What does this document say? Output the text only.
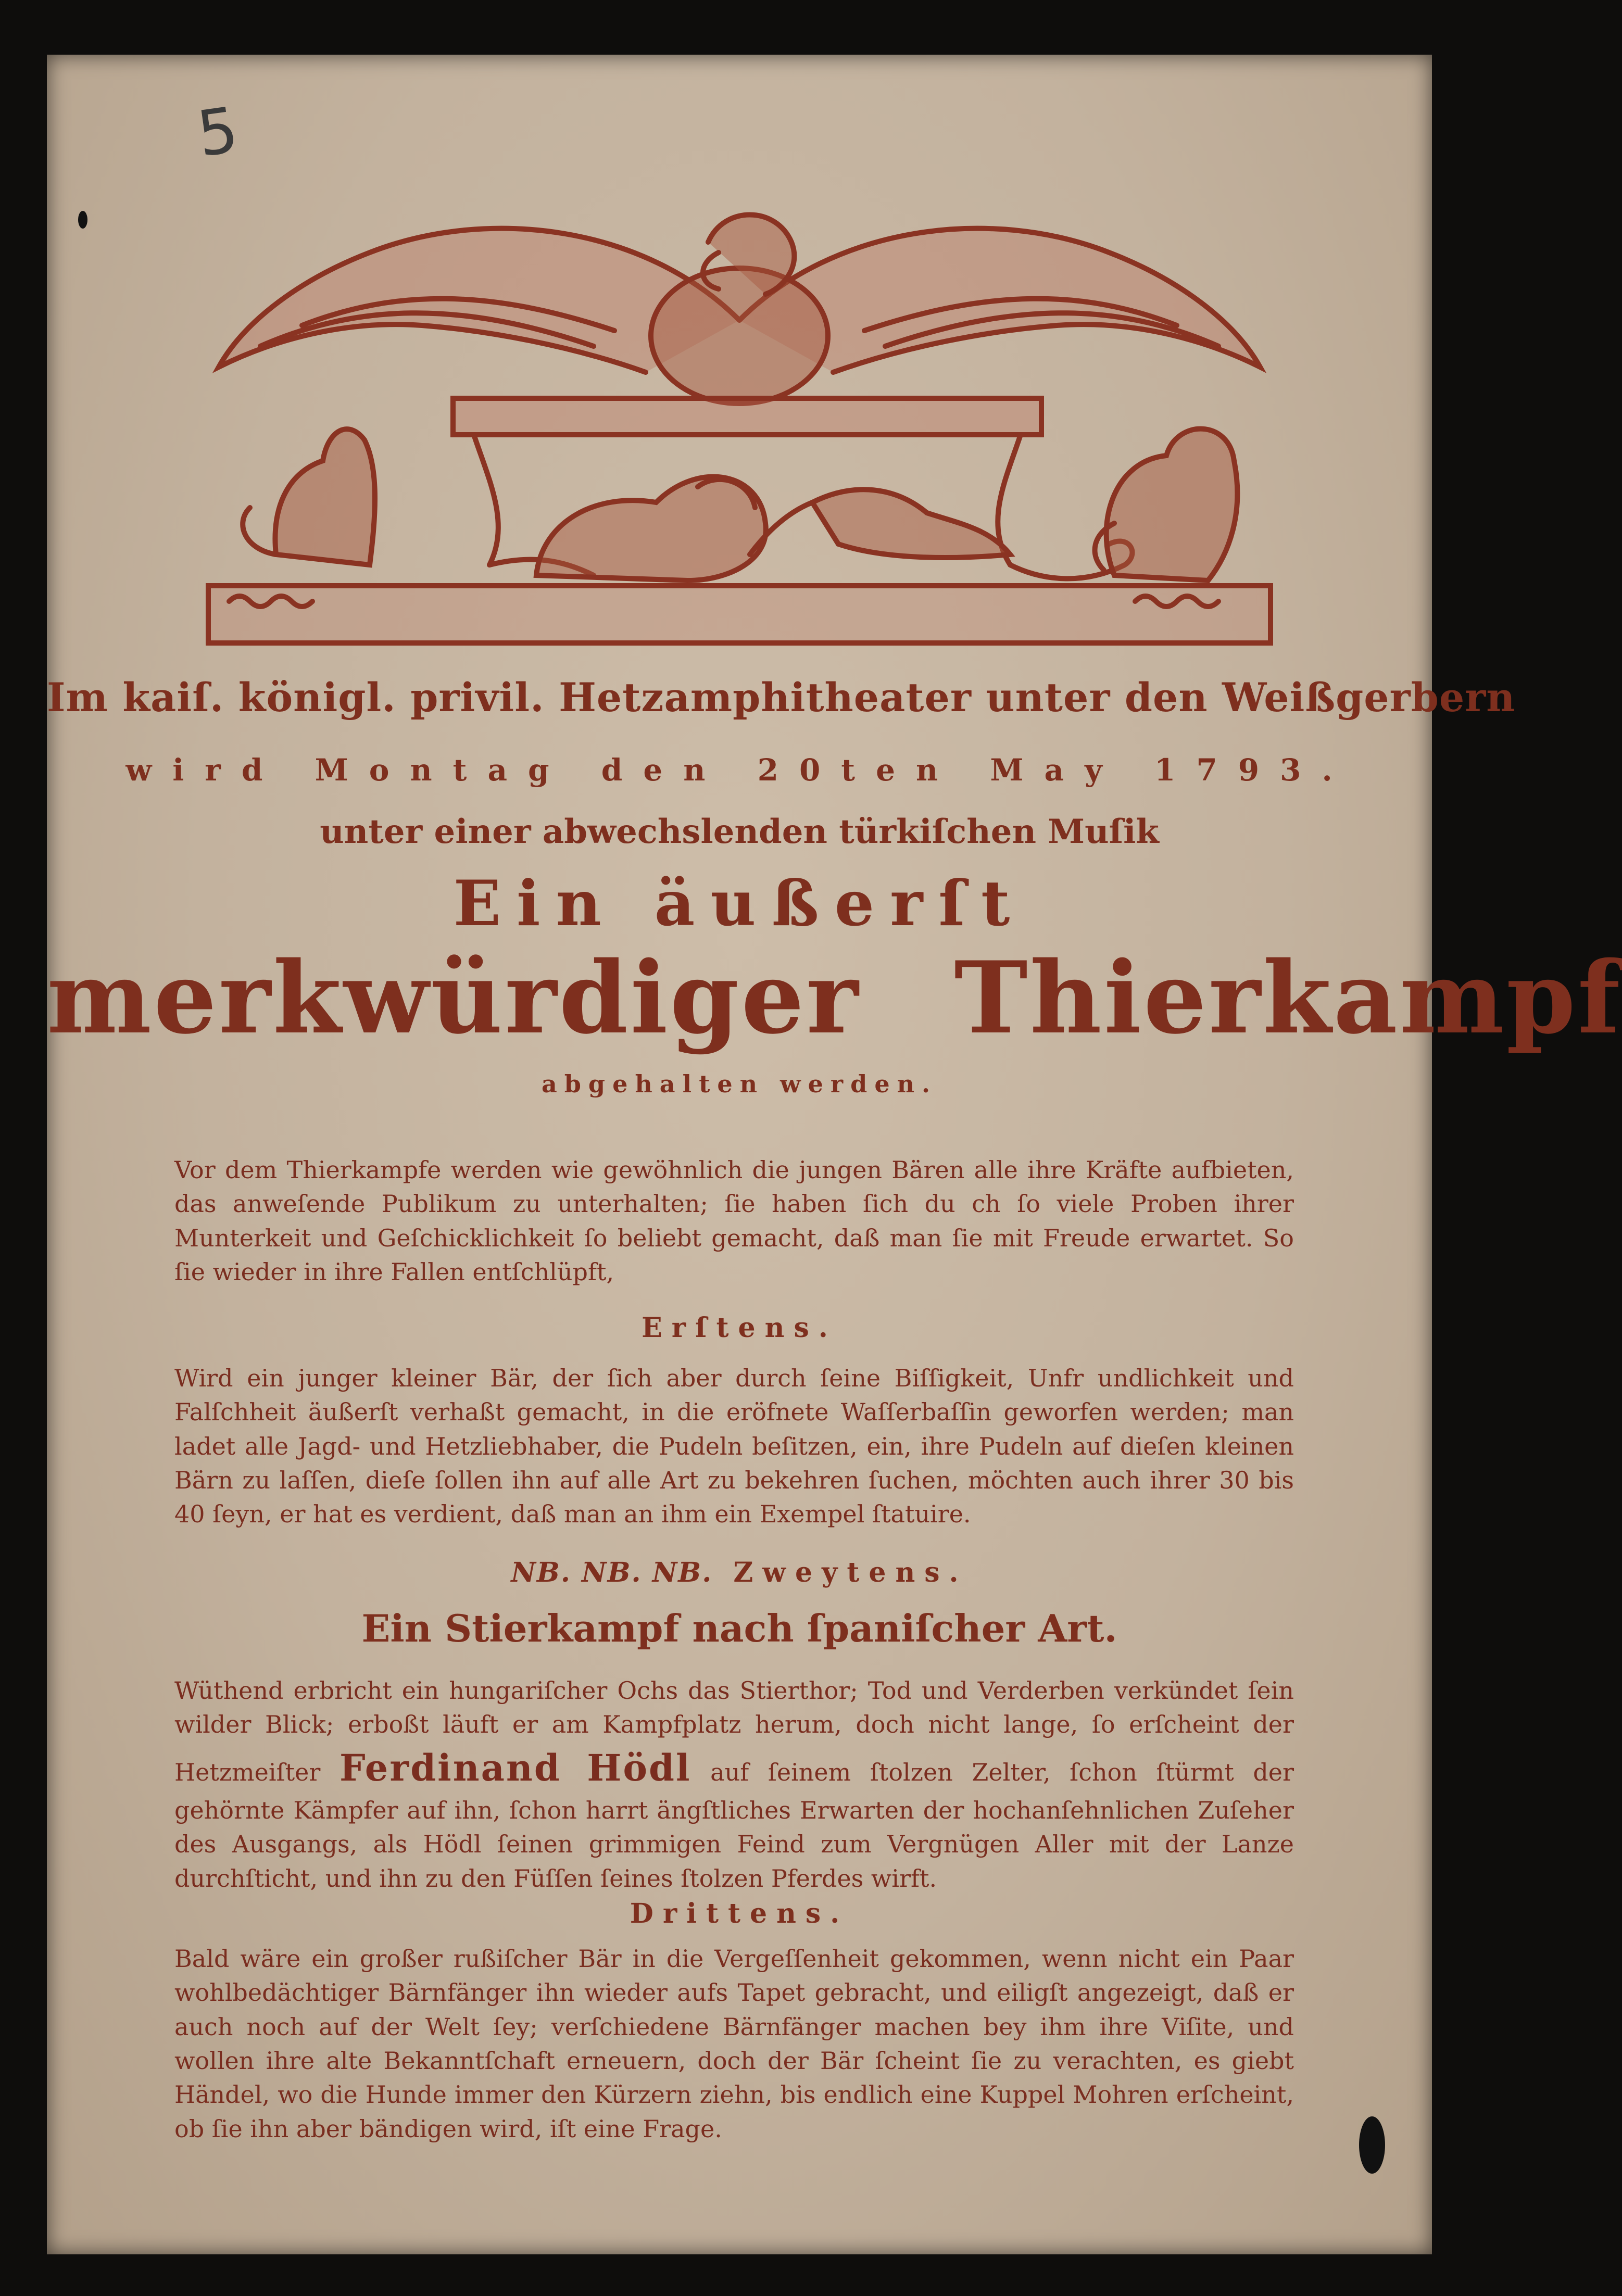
5
Im kaiſ. königl. privil. Hetzamphitheater unter den Weißgerbern
wird Montag den 20ten May 1793.
unter einer abwechslenden türkiſchen Muſik
Ein äußerſt
merkwürdiger Thierkampf
abgehalten werden.
Vor dem Thierkampfe werden wie gewöhnlich die jungen Bären alle ihre Kräfte aufbieten, das anweſende Publikum zu unterhalten; ſie haben ſich du ch ſo viele Proben ihrer Munterkeit und Geſchicklichkeit ſo beliebt gemacht, daß man ſie mit Freude erwartet. So ſie wieder in ihre Fallen entſchlüpft,
Erſtens.
Wird ein junger kleiner Bär, der ſich aber durch ſeine Biſſigkeit, Unfr undlichkeit und Falſchheit äußerſt verhaßt gemacht, in die eröfnete Waſſerbaſſin geworfen werden; man ladet alle Jagd- und Hetzliebhaber, die Pudeln beſitzen, ein, ihre Pudeln auf dieſen kleinen Bärn zu laſſen, dieſe ſollen ihn auf alle Art zu bekehren ſuchen, möchten auch ihrer 30 bis 40 ſeyn, er hat es verdient, daß man an ihm ein Exempel ſtatuire.
NB. NB. NB. Zweytens.
Ein Stierkampf nach ſpaniſcher Art.
Wüthend erbricht ein hungariſcher Ochs das Stierthor; Tod und Verderben verkündet ſein wilder Blick; erboßt läuft er am Kampfplatz herum, doch nicht lange, ſo erſcheint der Hetzmeiſter Ferdinand Hödl auf ſeinem ſtolzen Zelter, ſchon ſtürmt der gehörnte Kämpfer auf ihn, ſchon harrt ängſtliches Erwarten der hochanſehnlichen Zuſeher des Ausgangs, als Hödl ſeinen grimmigen Feind zum Vergnügen Aller mit der Lanze durchſticht, und ihn zu den Füſſen ſeines ſtolzen Pferdes wirft.
Drittens.
Bald wäre ein großer rußiſcher Bär in die Vergeſſenheit gekommen, wenn nicht ein Paar wohlbedächtiger Bärnfänger ihn wieder aufs Tapet gebracht, und eiligſt angezeigt, daß er auch noch auf der Welt ſey; verſchiedene Bärnfänger machen bey ihm ihre Viſite, und wollen ihre alte Bekanntſchaft erneuern, doch der Bär ſcheint ſie zu verachten, es giebt Händel, wo die Hunde immer den Kürzern ziehn, bis endlich eine Kuppel Mohren erſcheint, ob ſie ihn aber bändigen wird, iſt eine Frage.
